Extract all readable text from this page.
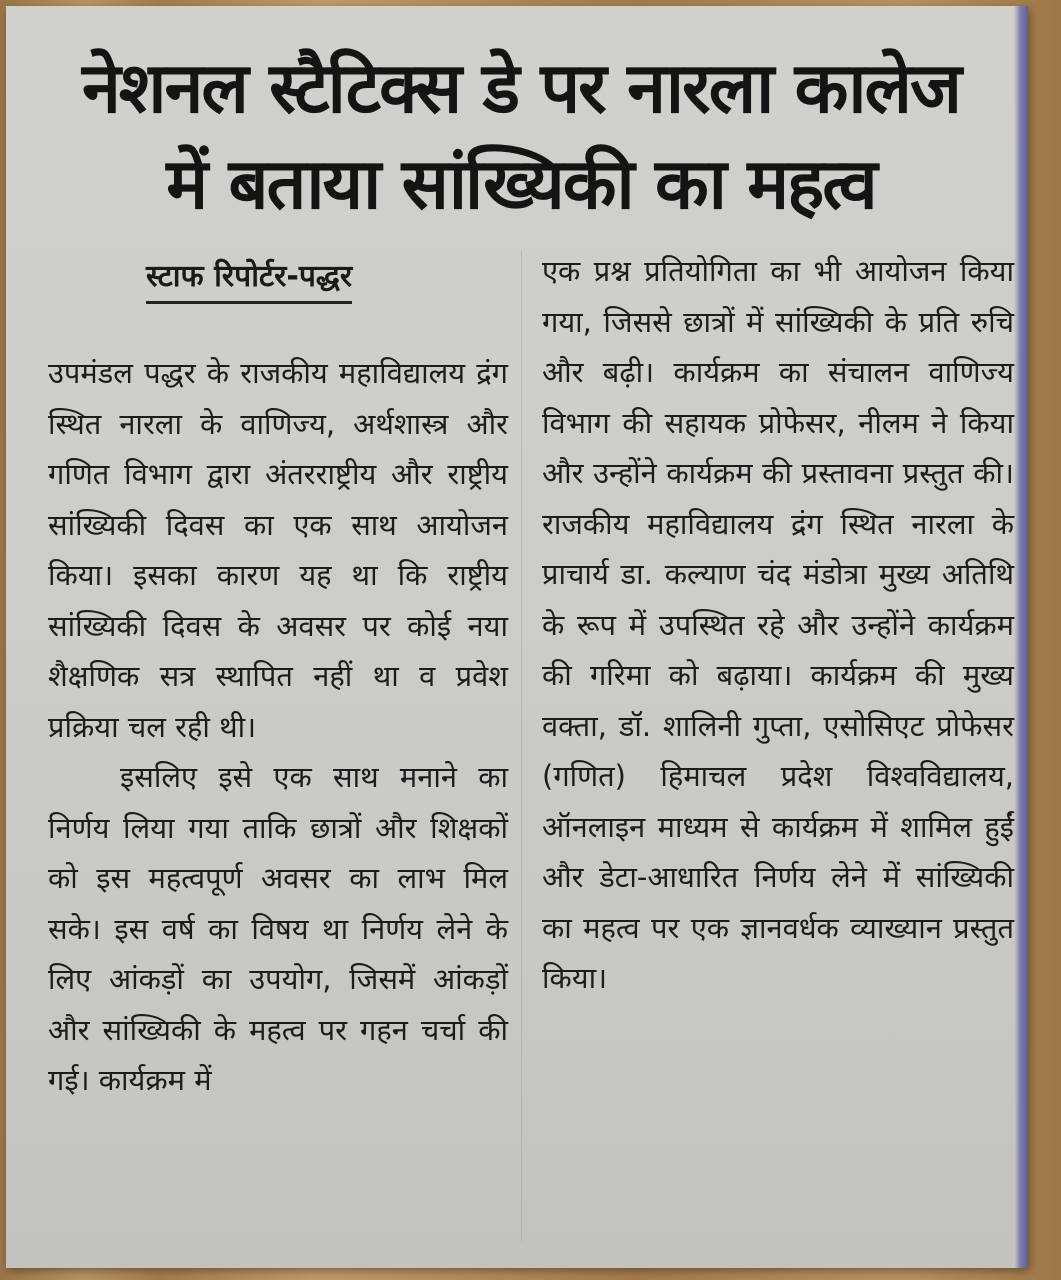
नेशनल स्टैटिक्स डे पर नारला कालेज
में बताया सांख्यिकी का महत्व
स्टाफ रिपोर्टर-पद्धर

उपमंडल पद्धर के राजकीय महाविद्यालय द्रंग स्थित नारला के वाणिज्य, अर्थशास्त्र और गणित विभाग द्वारा अंतरराष्ट्रीय और राष्ट्रीय सांख्यिकी दिवस का एक साथ आयोजन किया। इसका कारण यह था कि राष्ट्रीय सांख्यिकी दिवस के अवसर पर कोई नया शैक्षणिक सत्र स्थापित नहीं था व प्रवेश प्रक्रिया चल रही थी।

इसलिए इसे एक साथ मनाने का निर्णय लिया गया ताकि छात्रों और शिक्षकों को इस महत्वपूर्ण अवसर का लाभ मिल सके। इस वर्ष का विषय था निर्णय लेने के लिए आंकड़ों का उपयोग, जिसमें आंकड़ों और सांख्यिकी के महत्व पर गहन चर्चा की गई। कार्यक्रम में

एक प्रश्न प्रतियोगिता का भी आयोजन किया गया, जिससे छात्रों में सांख्यिकी के प्रति रुचि और बढ़ी। कार्यक्रम का संचालन वाणिज्य विभाग की सहायक प्रोफेसर, नीलम ने किया और उन्होंने कार्यक्रम की प्रस्तावना प्रस्तुत की। राजकीय महाविद्यालय द्रंग स्थित नारला के प्राचार्य डा. कल्याण चंद मंडोत्रा मुख्य अतिथि के रूप में उपस्थित रहे और उन्होंने कार्यक्रम की गरिमा को बढ़ाया। कार्यक्रम की मुख्य वक्ता, डॉ. शालिनी गुप्ता, एसोसिएट प्रोफेसर (गणित) हिमाचल प्रदेश विश्वविद्यालय, ऑनलाइन माध्यम से कार्यक्रम में शामिल हुईं और डेटा-आधारित निर्णय लेने में सांख्यिकी का महत्व पर एक ज्ञानवर्धक व्याख्यान प्रस्तुत किया।
